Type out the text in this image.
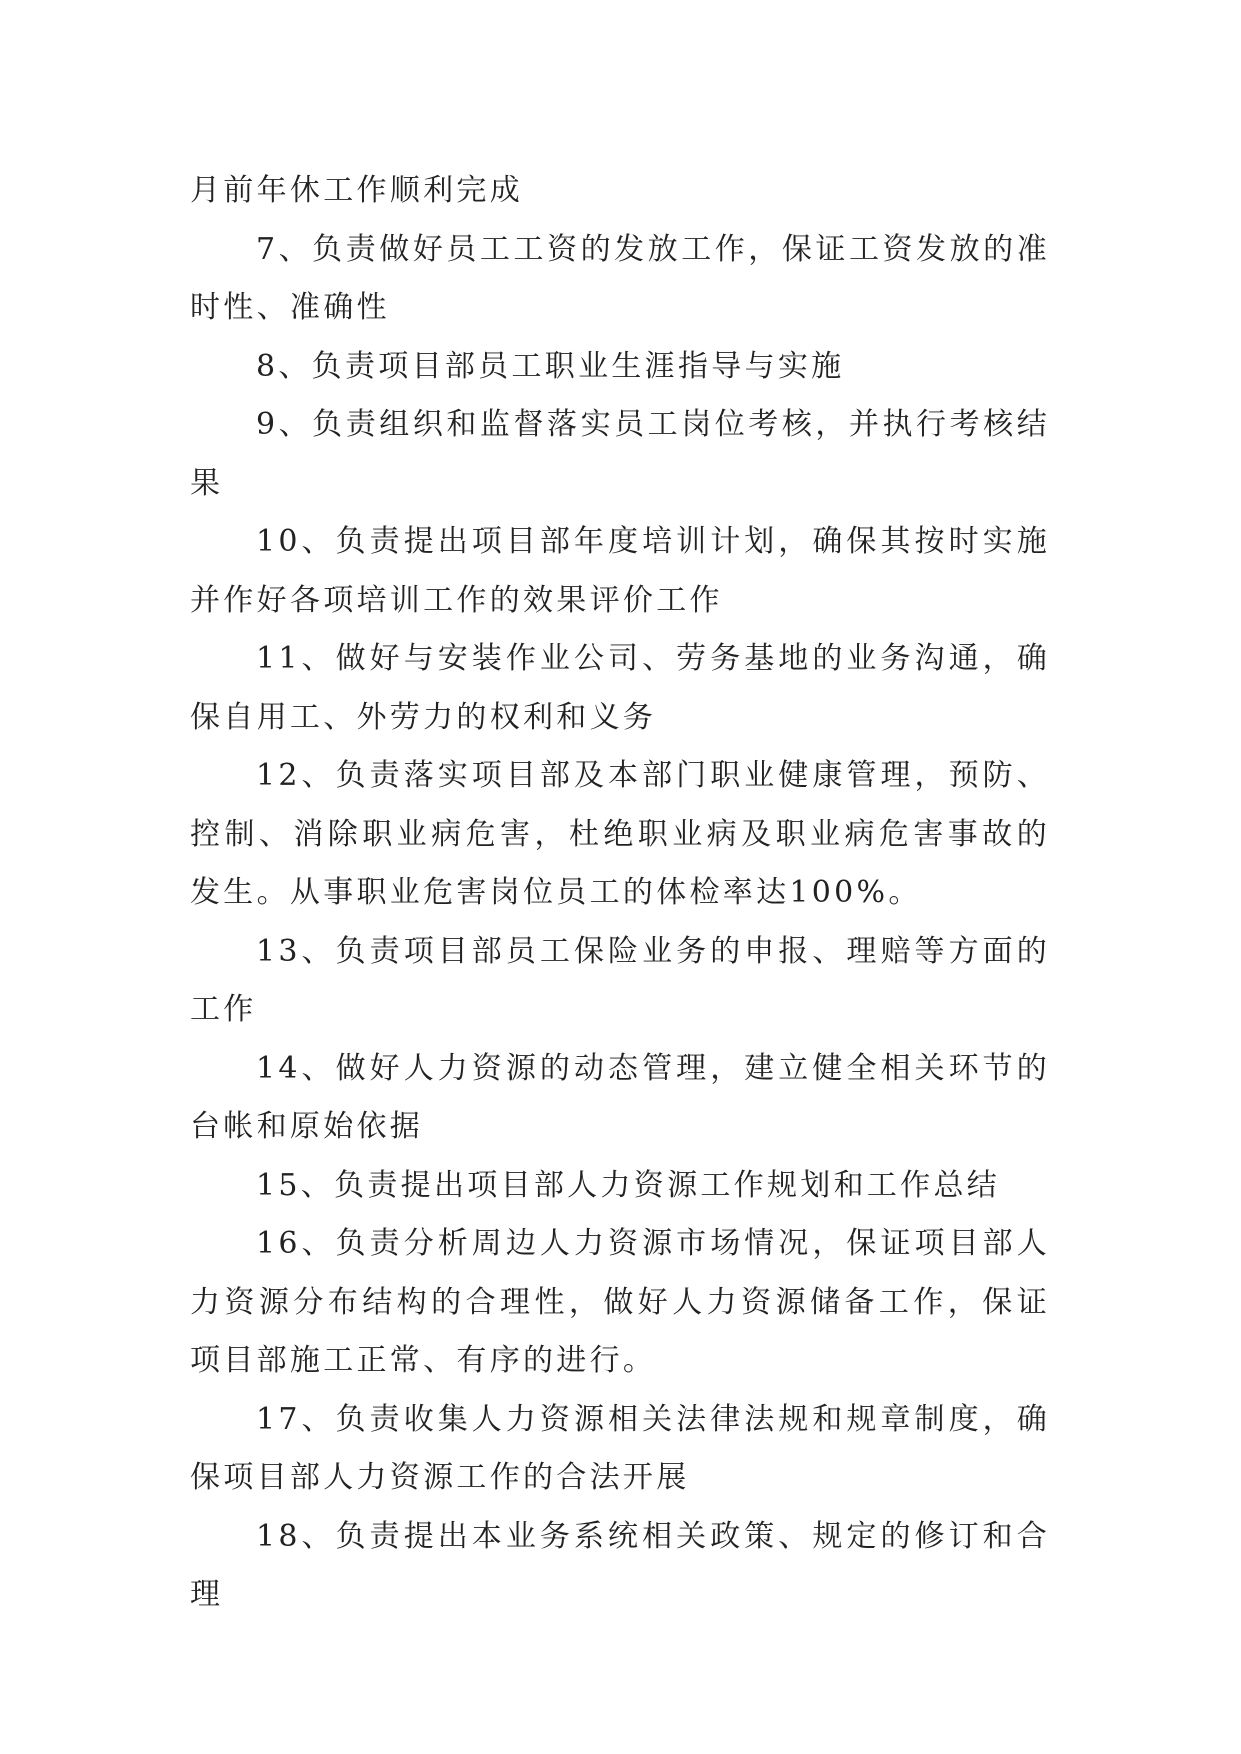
月前年休工作顺利完成

7、负责做好员工工资的发放工作，保证工资发放的准时性、准确性

8、负责项目部员工职业生涯指导与实施

9、负责组织和监督落实员工岗位考核，并执行考核结果

10、负责提出项目部年度培训计划，确保其按时实施并作好各项培训工作的效果评价工作

11、做好与安装作业公司、劳务基地的业务沟通，确保自用工、外劳力的权利和义务

12、负责落实项目部及本部门职业健康管理，预防、控制、消除职业病危害，杜绝职业病及职业病危害事故的发生。从事职业危害岗位员工的体检率达100%。

13、负责项目部员工保险业务的申报、理赔等方面的工作

14、做好人力资源的动态管理，建立健全相关环节的台帐和原始依据

15、负责提出项目部人力资源工作规划和工作总结

16、负责分析周边人力资源市场情况，保证项目部人力资源分布结构的合理性，做好人力资源储备工作，保证项目部施工正常、有序的进行。

17、负责收集人力资源相关法律法规和规章制度，确保项目部人力资源工作的合法开展

18、负责提出本业务系统相关政策、规定的修订和合理
